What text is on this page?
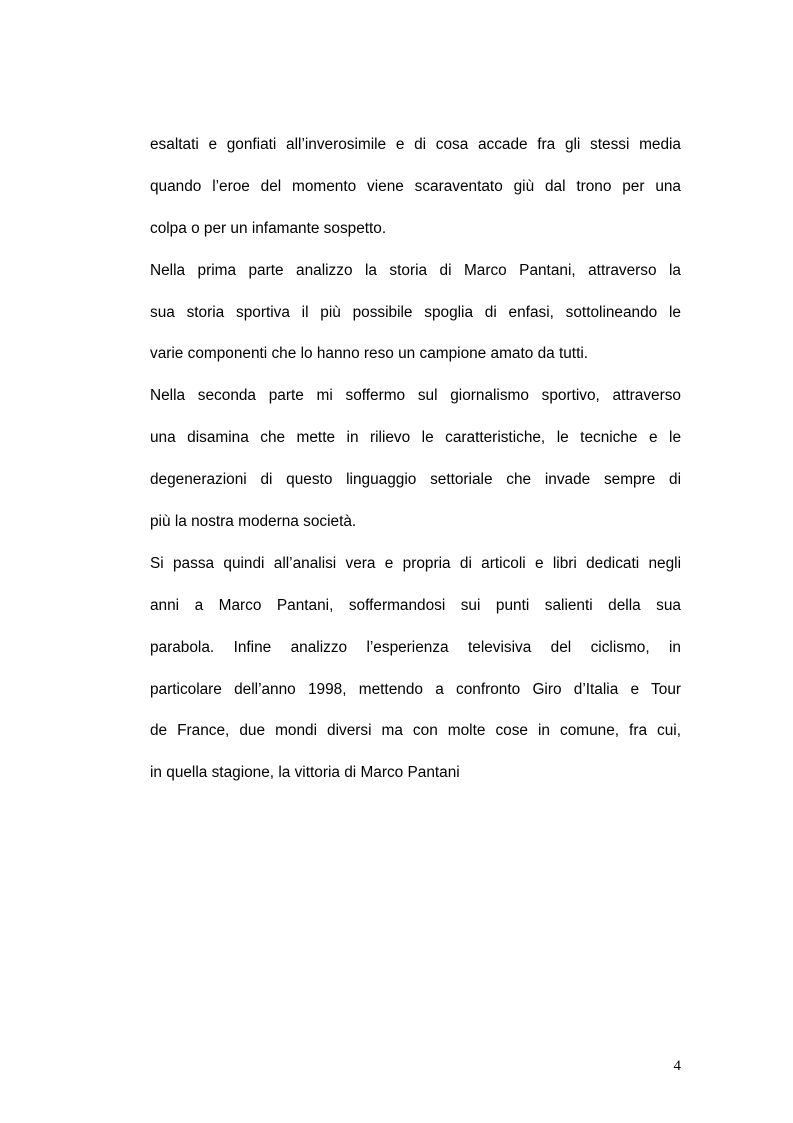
esaltati e gonfiati all’inverosimile e di cosa accade fra gli stessi media
quando l’eroe del momento viene scaraventato giù dal trono per una
colpa o per un infamante sospetto.
Nella prima parte analizzo la storia di Marco Pantani, attraverso la
sua storia sportiva il più possibile spoglia di enfasi, sottolineando le
varie componenti che lo hanno reso un campione amato da tutti.
Nella seconda parte mi soffermo sul giornalismo sportivo, attraverso
una disamina che mette in rilievo le caratteristiche, le tecniche e le
degenerazioni di questo linguaggio settoriale che invade sempre di
più la nostra moderna società.
Si passa quindi all’analisi vera e propria di articoli e libri dedicati negli
anni a Marco Pantani, soffermandosi sui punti salienti della sua
parabola. Infine analizzo l’esperienza televisiva del ciclismo, in
particolare dell’anno 1998, mettendo a confronto Giro d’Italia e Tour
de France, due mondi diversi ma con molte cose in comune, fra cui,
in quella stagione, la vittoria di Marco Pantani
4
